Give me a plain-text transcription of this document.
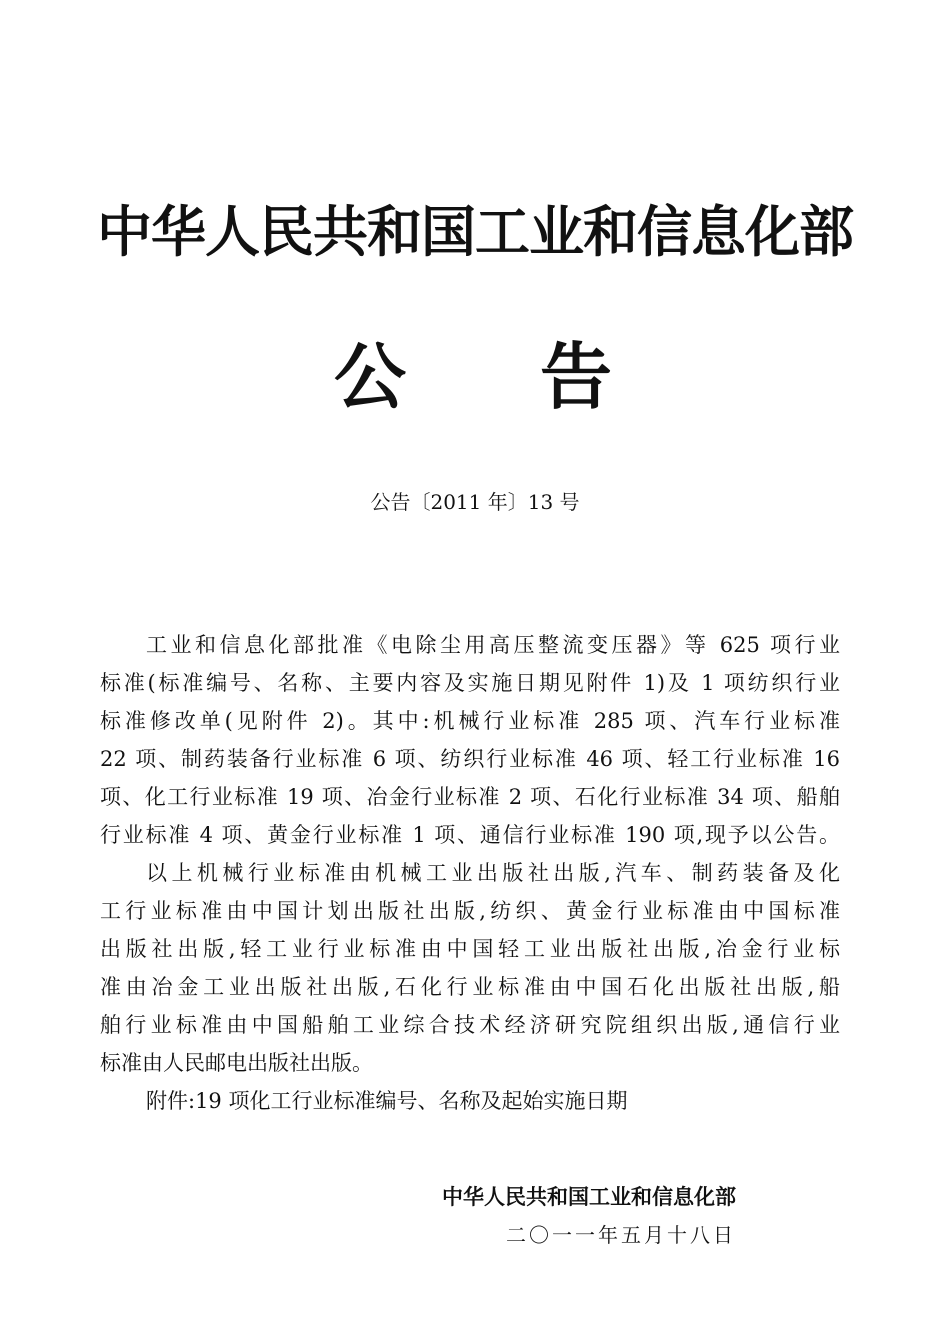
中华人民共和国工业和信息化部
公 告
公告〔2011 年〕13 号
工业和信息化部批准《电除尘用高压整流变压器》等 625 项行业
标准(标准编号、名称、主要内容及实施日期见附件 1)及 1 项纺织行业
标准修改单(见附件 2)。其中:机械行业标准 285 项、汽车行业标准
22 项、制药装备行业标准 6 项、纺织行业标准 46 项、轻工行业标准 16
项、化工行业标准 19 项、冶金行业标准 2 项、石化行业标准 34 项、船舶
行业标准 4 项、黄金行业标准 1 项、通信行业标准 190 项,现予以公告。
以上机械行业标准由机械工业出版社出版,汽车、制药装备及化
工行业标准由中国计划出版社出版,纺织、黄金行业标准由中国标准
出版社出版,轻工业行业标准由中国轻工业出版社出版,冶金行业标
准由冶金工业出版社出版,石化行业标准由中国石化出版社出版,船
舶行业标准由中国船舶工业综合技术经济研究院组织出版,通信行业
标准由人民邮电出版社出版。
附件:19 项化工行业标准编号、名称及起始实施日期
中华人民共和国工业和信息化部
二〇一一年五月十八日
